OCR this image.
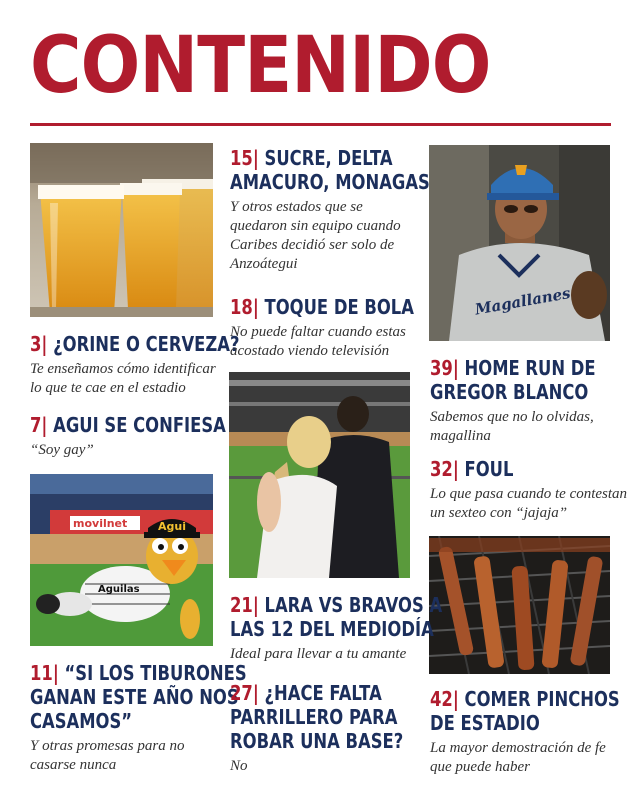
CONTENIDO
movilnet
Aguilas
Agui
Magallanes
3| ¿ORINE O CERVEZA?
Te enseñamos cómo identificar
lo que te cae en el estadio
7| AGUI SE CONFIESA
“Soy gay”
11| “SI LOS TIBURONES
GANAN ESTE AÑO NOS
CASAMOS”
Y otras promesas para no
casarse nunca
15| SUCRE, DELTA
AMACURO, MONAGAS
Y otros estados que se
quedaron sin equipo cuando
Caribes decidió ser solo de
Anzoátegui
18| TOQUE DE BOLA
No puede faltar cuando estas
acostado viendo televisión
21| LARA VS BRAVOS A
LAS 12 DEL MEDIODÍA
Ideal para llevar a tu amante
27| ¿HACE FALTA
PARRILLERO PARA
ROBAR UNA BASE?
No
39| HOME RUN DE
GREGOR BLANCO
Sabemos que no lo olvidas,
magallina
32| FOUL
Lo que pasa cuando te contestan
un sexteo con “jajaja”
42| COMER PINCHOS
DE ESTADIO
La mayor demostración de fe
que puede haber
